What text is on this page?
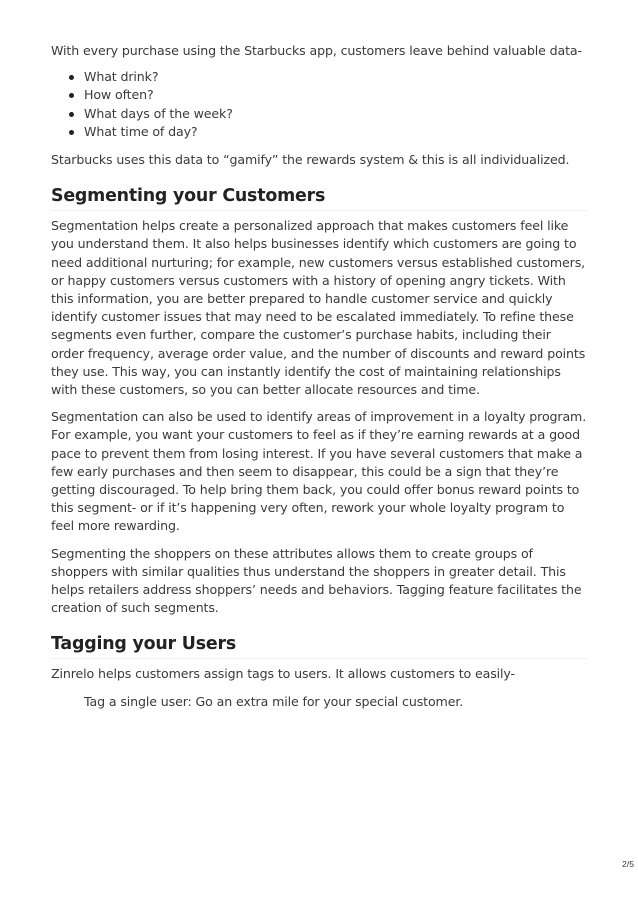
With every purchase using the Starbucks app, customers leave behind valuable data-

What drink?
How often?
What days of the week?
What time of day?

Starbucks uses this data to “gamify” the rewards system & this is all individualized.

Segmenting your Customers

Segmentation helps create a personalized approach that makes customers feel like you understand them. It also helps businesses identify which customers are going to need additional nurturing; for example, new customers versus established customers, or happy customers versus customers with a history of opening angry tickets. With this information, you are better prepared to handle customer service and quickly identify customer issues that may need to be escalated immediately. To refine these segments even further, compare the customer’s purchase habits, including their order frequency, average order value, and the number of discounts and reward points they use. This way, you can instantly identify the cost of maintaining relationships with these customers, so you can better allocate resources and time.

Segmentation can also be used to identify areas of improvement in a loyalty program. For example, you want your customers to feel as if they’re earning rewards at a good pace to prevent them from losing interest. If you have several customers that make a few early purchases and then seem to disappear, this could be a sign that they’re getting discouraged. To help bring them back, you could offer bonus reward points to this segment- or if it’s happening very often, rework your whole loyalty program to feel more rewarding.

Segmenting the shoppers on these attributes allows them to create groups of shoppers with similar qualities thus understand the shoppers in greater detail. This helps retailers address shoppers’ needs and behaviors. Tagging feature facilitates the creation of such segments.

Tagging your Users

Zinrelo helps customers assign tags to users. It allows customers to easily-

Tag a single user: Go an extra mile for your special customer.

2/5
